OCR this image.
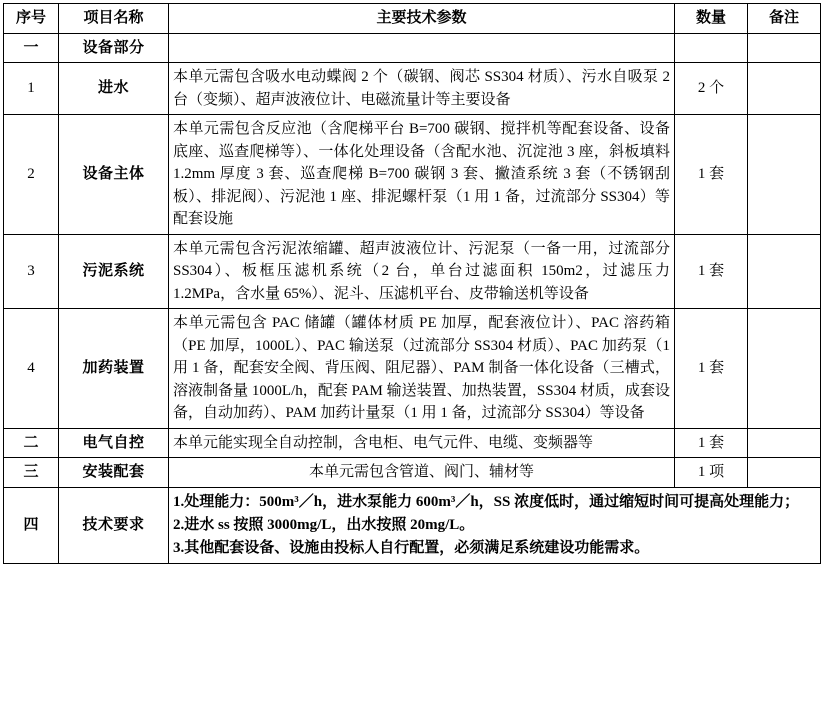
序号	项目名称	主要技术参数	数量	备注
一	设备部分			
1	进水	本单元需包含吸水电动蝶阀 2 个（碳钢、阀芯 SS304 材质）、污水自吸泵 2 台（变频）、超声波液位计、电磁流量计等主要设备	2 个	
2	设备主体	本单元需包含反应池（含爬梯平台 B=700 碳钢、搅拌机等配套设备、设备底座、巡查爬梯等）、一体化处理设备（含配水池、沉淀池 3 座，斜板填料 1.2mm 厚度 3 套、巡查爬梯 B=700 碳钢 3 套、撇渣系统 3 套（不锈钢刮板）、排泥阀）、污泥池 1 座、排泥螺杆泵（1 用 1 备，过流部分 SS304）等配套设施	1 套	
3	污泥系统	本单元需包含污泥浓缩罐、超声波液位计、污泥泵（一备一用，过流部分 SS304）、板框压滤机系统（2 台，单台过滤面积 150m2，过滤压力 1.2MPa，含水量 65%）、泥斗、压滤机平台、皮带输送机等设备	1 套	
4	加药装置	本单元需包含 PAC 储罐（罐体材质 PE 加厚，配套液位计）、PAC 溶药箱（PE 加厚，1000L）、PAC 输送泵（过流部分 SS304 材质）、PAC 加药泵（1 用 1 备，配套安全阀、背压阀、阻尼器）、PAM 制备一体化设备（三槽式，溶液制备量 1000L/h，配套 PAM 输送装置、加热装置，SS304 材质，成套设备，自动加药）、PAM 加药计量泵（1 用 1 备，过流部分 SS304）等设备	1 套	
二	电气自控	本单元能实现全自动控制，含电柜、电气元件、电缆、变频器等	1 套	
三	安装配套	本单元需包含管道、阀门、辅材等	1 项	
四	技术要求	1.处理能力：500m³／h，进水泵能力 600m³／h，SS 浓度低时，通过缩短时间可提高处理能力；
2.进水 ss 按照 3000mg/L，出水按照 20mg/L。
3.其他配套设备、设施由投标人自行配置，必须满足系统建设功能需求。		
